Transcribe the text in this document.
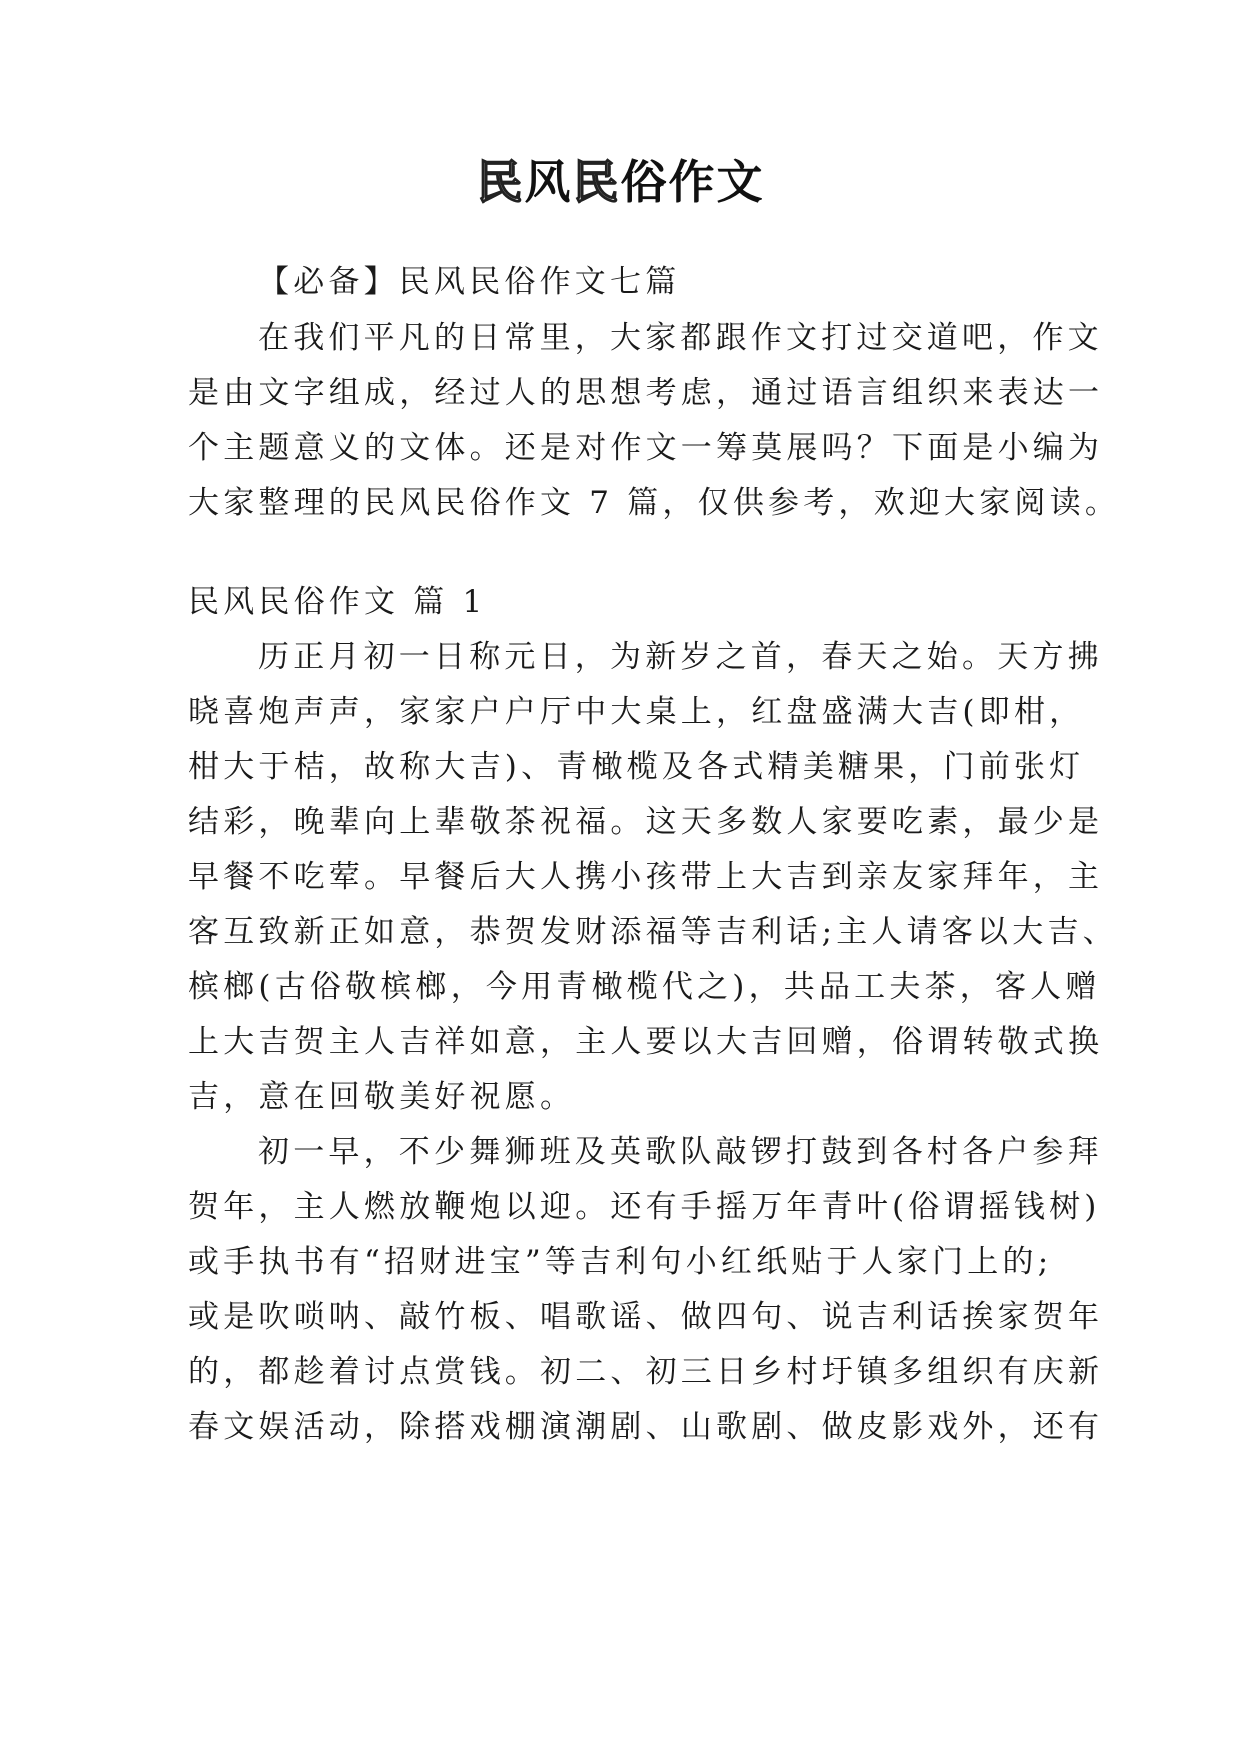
民风民俗作文
【必备】民风民俗作文七篇
在我们平凡的日常里，大家都跟作文打过交道吧，作文
是由文字组成，经过人的思想考虑，通过语言组织来表达一
个主题意义的文体。还是对作文一筹莫展吗？下面是小编为
大家整理的民风民俗作文 7 篇，仅供参考，欢迎大家阅读。
民风民俗作文 篇 1
历正月初一日称元日，为新岁之首，春天之始。天方拂
晓喜炮声声，家家户户厅中大桌上，红盘盛满大吉(即柑，
柑大于桔，故称大吉)、青橄榄及各式精美糖果，门前张灯
结彩，晚辈向上辈敬茶祝福。这天多数人家要吃素，最少是
早餐不吃荤。早餐后大人携小孩带上大吉到亲友家拜年，主
客互致新正如意，恭贺发财添福等吉利话;主人请客以大吉、
槟榔(古俗敬槟榔，今用青橄榄代之)，共品工夫茶，客人赠
上大吉贺主人吉祥如意，主人要以大吉回赠，俗谓转敬式换
吉，意在回敬美好祝愿。
初一早，不少舞狮班及英歌队敲锣打鼓到各村各户参拜
贺年，主人燃放鞭炮以迎。还有手摇万年青叶(俗谓摇钱树)
或手执书有“招财进宝”等吉利句小红纸贴于人家门上的;
或是吹唢呐、敲竹板、唱歌谣、做四句、说吉利话挨家贺年
的，都趁着讨点赏钱。初二、初三日乡村圩镇多组织有庆新
春文娱活动，除搭戏棚演潮剧、山歌剧、做皮影戏外，还有
